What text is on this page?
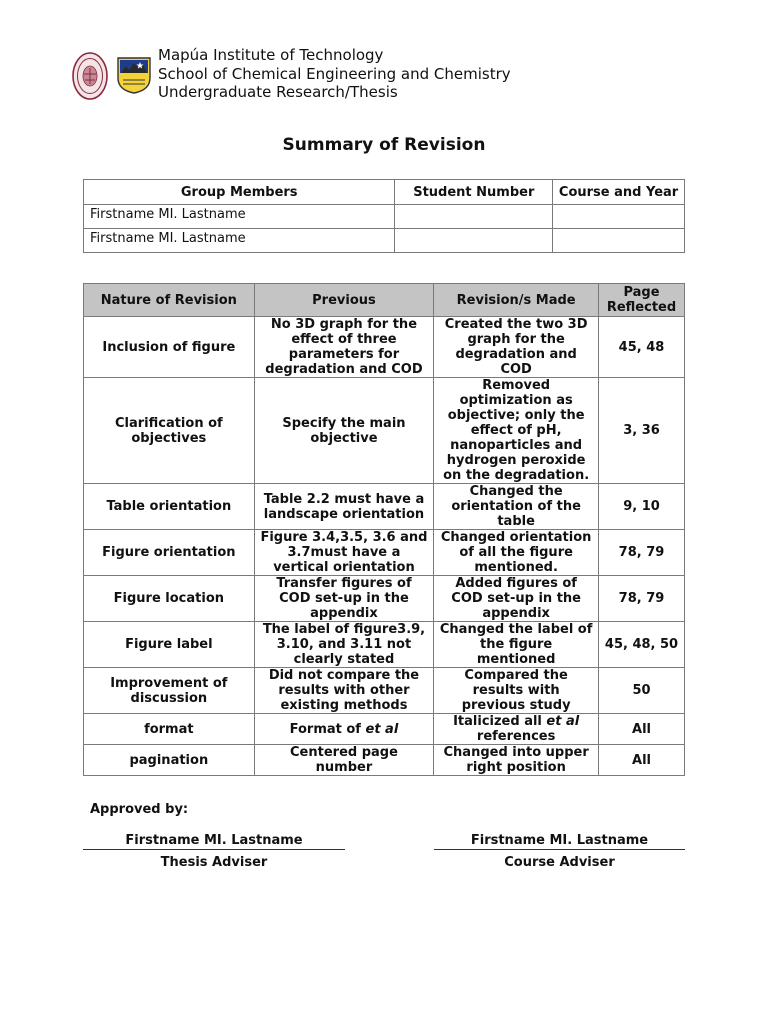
Mapúa Institute of Technology
School of Chemical Engineering and Chemistry
Undergraduate Research/Thesis
Summary of Revision
Group Members	Student Number	Course and Year
Firstname MI. Lastname		
Firstname MI. Lastname		
Nature of Revision	Previous	Revision/s Made	Page Reflected
Inclusion of figure	No 3D graph for the effect of three parameters for degradation and COD	Created the two 3D graph for the degradation and COD	45, 48
Clarification of objectives	Specify the main objective	Removed optimization as objective; only the effect of pH, nanoparticles and hydrogen peroxide on the degradation.	3, 36
Table orientation	Table 2.2 must have a landscape orientation	Changed the orientation of the table	9, 10
Figure orientation	Figure 3.4,3.5, 3.6 and 3.7must have a vertical orientation	Changed orientation of all the figure mentioned.	78, 79
Figure location	Transfer figures of COD set-up in the appendix	Added figures of COD set-up in the appendix	78, 79
Figure label	The label of figure3.9, 3.10, and 3.11 not clearly stated	Changed the label of the figure mentioned	45, 48, 50
Improvement of discussion	Did not compare the results with other existing methods	Compared the results with previous study	50
format	Format of et al	Italicized all et al references	All
pagination	Centered page number	Changed into upper right position	All
Approved by:
Firstname MI. Lastname
Thesis Adviser
Firstname MI. Lastname
Course Adviser
